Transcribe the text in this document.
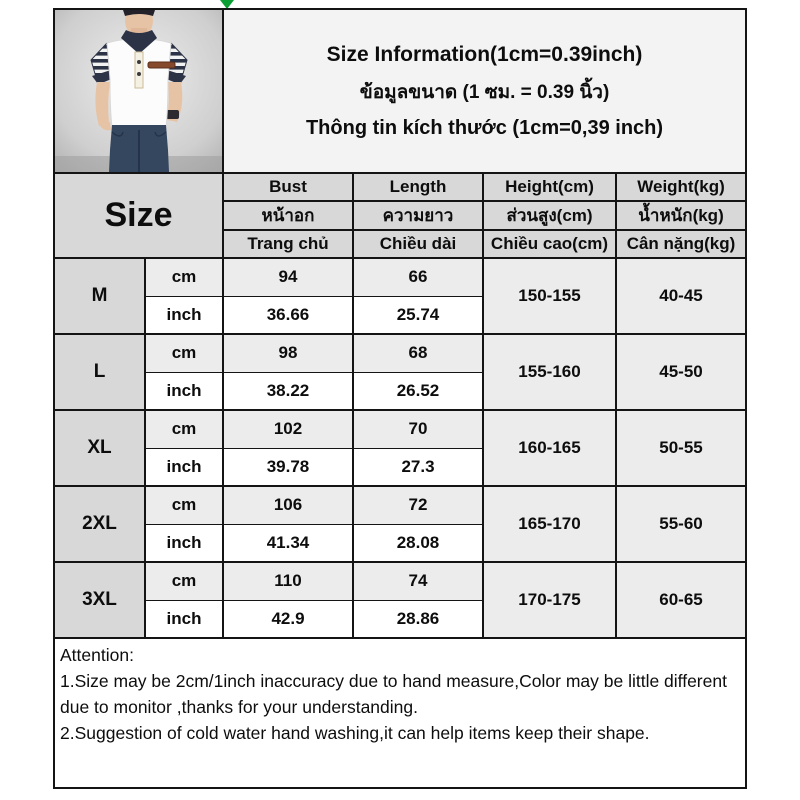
Size Information(1cm=0.39inch)
ข้อมูลขนาด (1 ซม. = 0.39 นิ้ว)
Thông tin kích thước (1cm=0,39 inch)			

Size		Bust	Length	Height(cm)	Weight(kg)
		หน้าอก	ความยาว	ส่วนสูง(cm)	น้ำหนัก(kg)
		Trang chủ	Chiều dài	Chiều cao(cm)	Cân nặng(kg)
M	cm	94	66	150-155	40-45
	inch	36.66	25.74		
L	cm	98	68	155-160	45-50
	inch	38.22	26.52		
XL	cm	102	70	160-165	50-55
	inch	39.78	27.3		
2XL	cm	106	72	165-170	55-60
	inch	41.34	28.08		
3XL	cm	110	74	170-175	60-65
	inch	42.9	28.86		

Attention:
1.Size may be 2cm/1inch inaccuracy due to hand measure,Color may be little different due to monitor ,thanks for your understanding.
2.Suggestion of cold water hand washing,it can help items keep their shape.					
